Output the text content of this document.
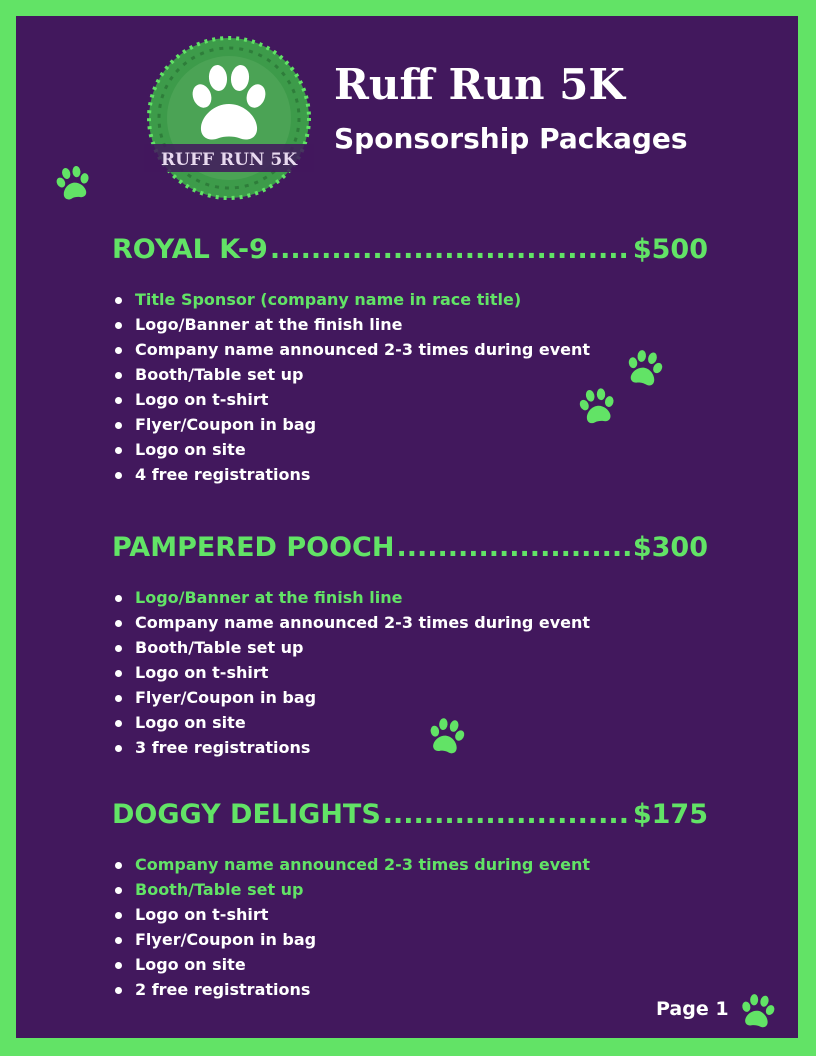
RUFF RUN 5K
Ruff Run 5K
Sponsorship Packages
ROYAL K-9 .....	$500
Title Sponsor (company name in race title)
Logo/Banner at the finish line
Company name announced 2-3 times during event
Booth/Table set up
Logo on t-shirt
Flyer/Coupon in bag
Logo on site
4 free registrations
PAMPERED POOCH .....	$300
Logo/Banner at the finish line
Company name announced 2-3 times during event
Booth/Table set up
Logo on t-shirt
Flyer/Coupon in bag
Logo on site
3 free registrations
DOGGY DELIGHTS .....	$175
Company name announced 2-3 times during event
Booth/Table set up
Logo on t-shirt
Flyer/Coupon in bag
Logo on site
2 free registrations

Page 1
